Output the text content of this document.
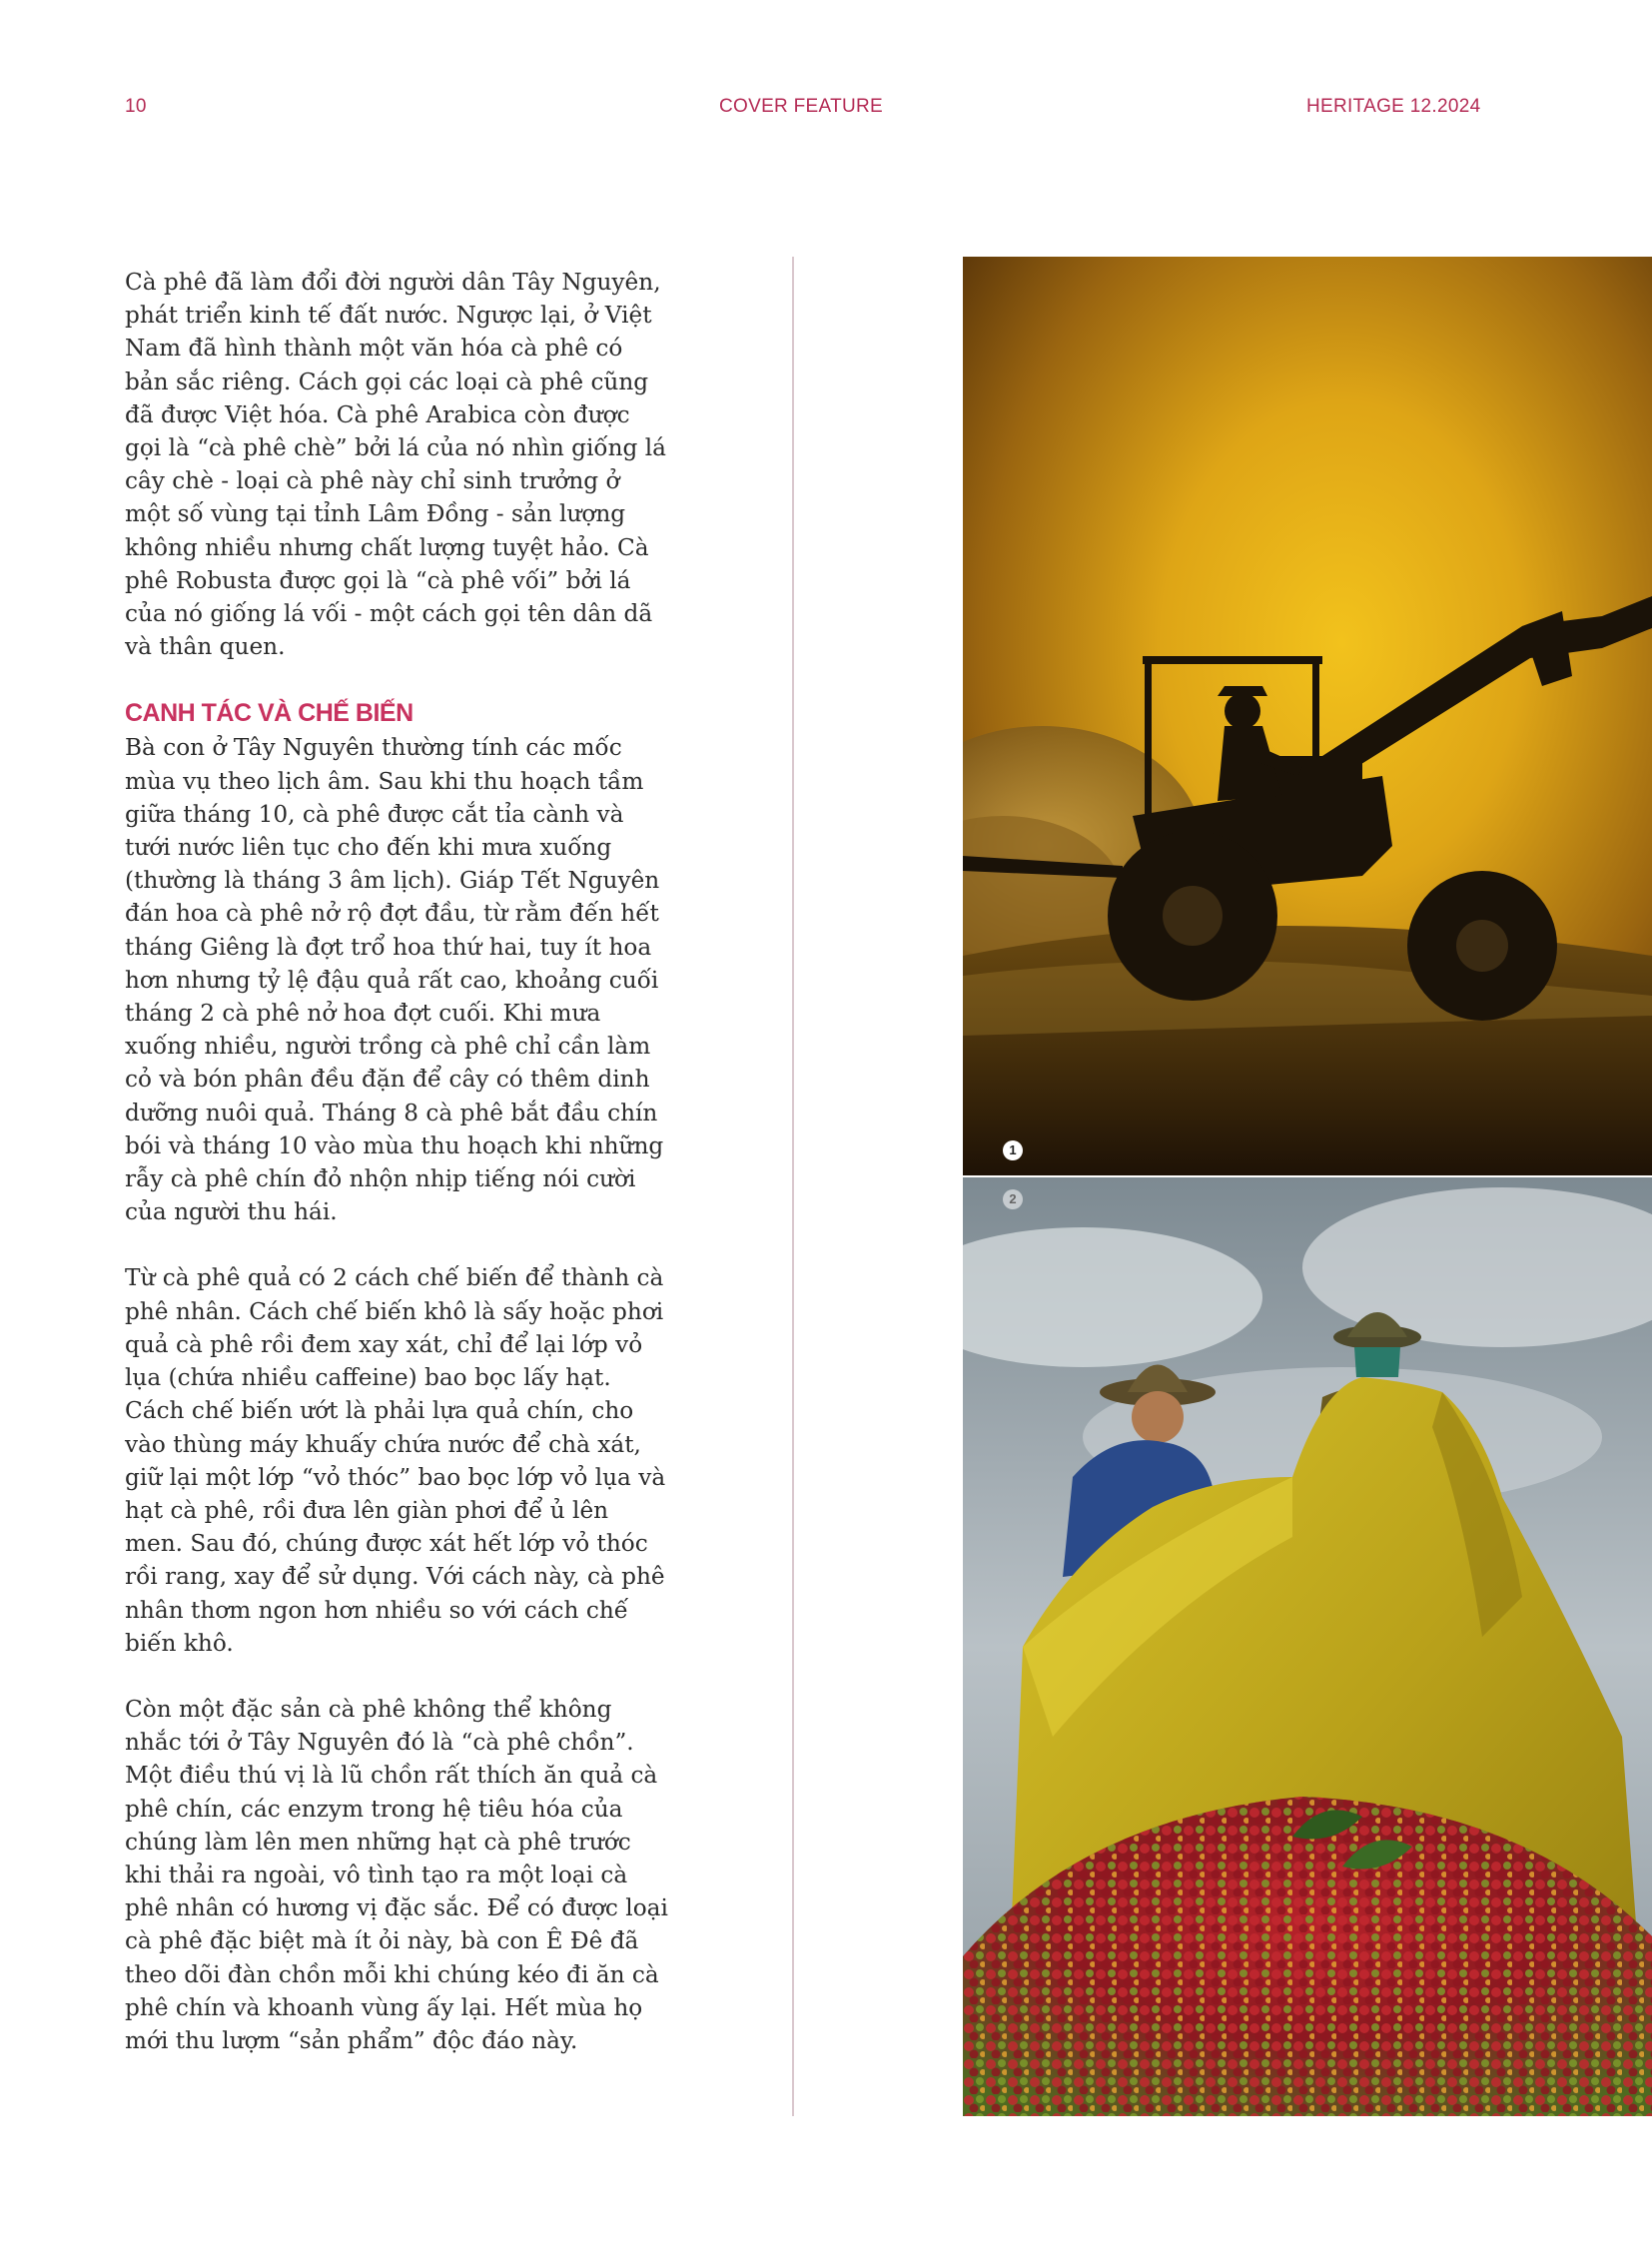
10	COVER FEATURE	HERITAGE 12.2024

Cà phê đã làm đổi đời người dân Tây Nguyên, phát triển kinh tế đất nước. Ngược lại, ở Việt Nam đã hình thành một văn hóa cà phê có bản sắc riêng. Cách gọi các loại cà phê cũng đã được Việt hóa. Cà phê Arabica còn được gọi là “cà phê chè” bởi lá của nó nhìn giống lá cây chè - loại cà phê này chỉ sinh trưởng ở một số vùng tại tỉnh Lâm Đồng - sản lượng không nhiều nhưng chất lượng tuyệt hảo. Cà phê Robusta được gọi là “cà phê vối” bởi lá của nó giống lá vối - một cách gọi tên dân dã và thân quen.

CANH TÁC VÀ CHẾ BIẾN

Bà con ở Tây Nguyên thường tính các mốc mùa vụ theo lịch âm. Sau khi thu hoạch tầm giữa tháng 10, cà phê được cắt tỉa cành và tưới nước liên tục cho đến khi mưa xuống (thường là tháng 3 âm lịch). Giáp Tết Nguyên đán hoa cà phê nở rộ đợt đầu, từ rằm đến hết tháng Giêng là đợt trổ hoa thứ hai, tuy ít hoa hơn nhưng tỷ lệ đậu quả rất cao, khoảng cuối tháng 2 cà phê nở hoa đợt cuối. Khi mưa xuống nhiều, người trồng cà phê chỉ cần làm cỏ và bón phân đều đặn để cây có thêm dinh dưỡng nuôi quả. Tháng 8 cà phê bắt đầu chín bói và tháng 10 vào mùa thu hoạch khi những rẫy cà phê chín đỏ nhộn nhịp tiếng nói cười của người thu hái.

Từ cà phê quả có 2 cách chế biến để thành cà phê nhân. Cách chế biến khô là sấy hoặc phơi quả cà phê rồi đem xay xát, chỉ để lại lớp vỏ lụa (chứa nhiều caffeine) bao bọc lấy hạt. Cách chế biến ướt là phải lựa quả chín, cho vào thùng máy khuấy chứa nước để chà xát, giữ lại một lớp “vỏ thóc” bao bọc lớp vỏ lụa và hạt cà phê, rồi đưa lên giàn phơi để ủ lên men. Sau đó, chúng được xát hết lớp vỏ thóc rồi rang, xay để sử dụng. Với cách này, cà phê nhân thơm ngon hơn nhiều so với cách chế biến khô.

Còn một đặc sản cà phê không thể không nhắc tới ở Tây Nguyên đó là “cà phê chồn”. Một điều thú vị là lũ chồn rất thích ăn quả cà phê chín, các enzym trong hệ tiêu hóa của chúng làm lên men những hạt cà phê trước khi thải ra ngoài, vô tình tạo ra một loại cà phê nhân có hương vị đặc sắc. Để có được loại cà phê đặc biệt mà ít ỏi này, bà con Ê Đê đã theo dõi đàn chồn mỗi khi chúng kéo đi ăn cà phê chín và khoanh vùng ấy lại. Hết mùa họ mới thu lượm “sản phẩm” độc đáo này.

1
2
